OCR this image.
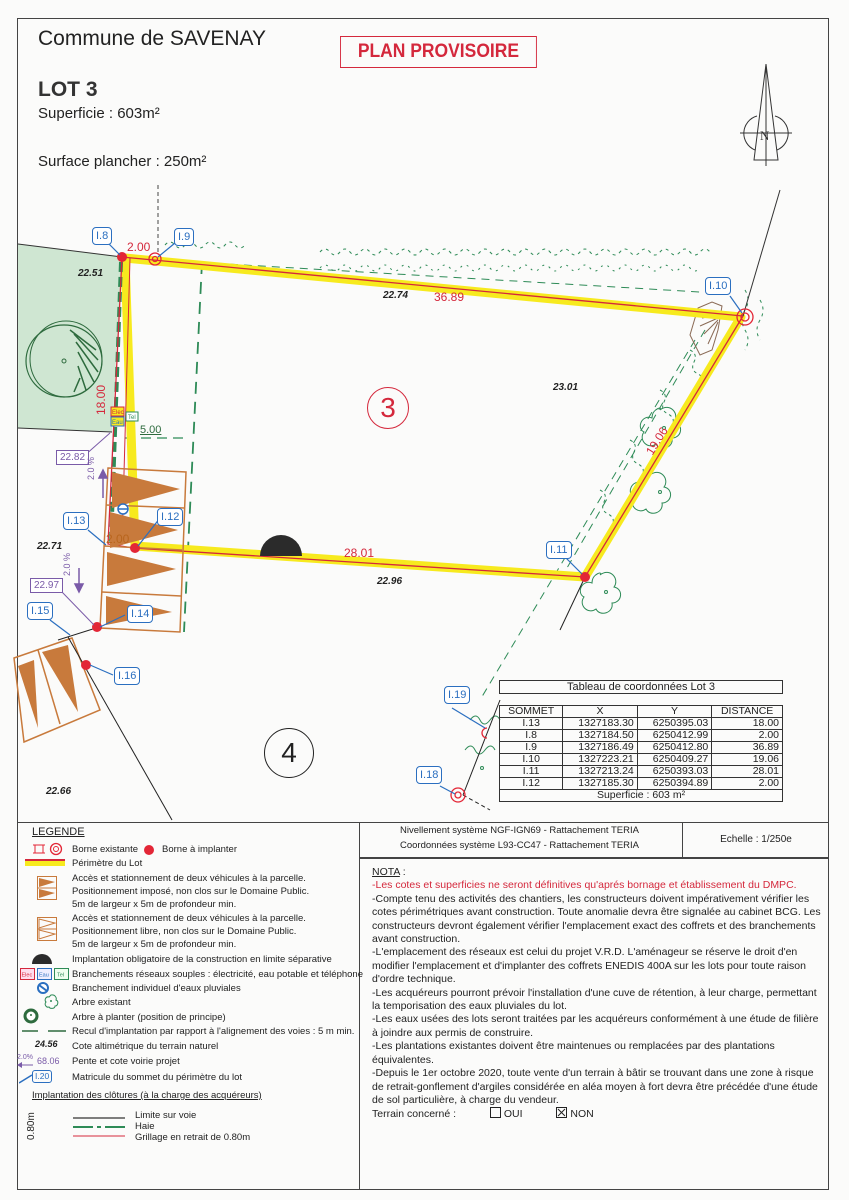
Commune de SAVENAY
PLAN PROVISOIRE
LOT 3
Superficie : 603m²
Surface plancher : 250m²
N
Elec
Eau
Tel	3
4
I.8	I.9
I.10
I.11
I.12
I.13
I.14
I.15
I.16
I.18
I.19
22.82
22.97
2.0 %
2.0 %
22.51
22.74
23.01
22.71
22.96
22.66
36.89
18.00
2.00
2.00
28.01
19.06
5.00
Tableau de coordonnées Lot 3
SOMMET	X	Y	DISTANCE
I.13	1327183.30	6250395.03	18.00
I.8	1327184.50	6250412.99	2.00
I.9	1327186.49	6250412.80	36.89
I.10	1327223.21	6250409.27	19.06
I.11	1327213.24	6250393.03	28.01
I.12	1327185.30	6250394.89	2.00
Superficie : 603 m²			
LEGENDE
Borne existante	Borne à implanter
Périmètre du Lot
Accès et stationnement de deux véhicules à la parcelle.
Positionnement imposé, non clos sur le Domaine Public.
5m de largeur x 5m de profondeur min.
Accès et stationnement de deux véhicules à la parcelle.
Positionnement libre, non clos sur le Domaine Public.
5m de largeur x 5m de profondeur min.
Implantation obligatoire de la construction en limite séparative
Elec Eau Tel Branchements réseaux souples : électricité, eau potable et téléphone
Branchement individuel d'eaux pluviales
Arbre existant
Arbre à planter (position de principe)
Recul d'implantation par rapport à l'alignement des voies : 5 m min.
24.56 Cote altimétrique du terrain naturel
2.0% 68.06 Pente et cote voirie projet
I.20	Matricule du sommet du périmètre du lot
Implantation des clôtures (à la charge des acquéreurs)
0.80m	Limite sur voie
Haie
Grillage en retrait de 0.80m
Nivellement système NGF-IGN69 - Rattachement TERIA
Coordonnées système L93-CC47 - Rattachement TERIA
Echelle : 1/250e
NOTA :
-Les cotes et superficies ne seront définitives qu'aprés bornage et établissement du DMPC.
-Compte tenu des activités des chantiers, les constructeurs doivent impérativement vérifier les cotes périmétriques avant construction. Toute anomalie devra être signalée au cabinet BCG. Les constructeurs devront également vérifier l'emplacement exact des coffrets et des branchements avant construction.
-L'emplacement des réseaux est celui du projet V.R.D. L'aménageur se réserve le droit d'en modifier l'emplacement et d'implanter des coffrets ENEDIS 400A sur les lots pour toute raison d'ordre technique.
-Les acquéreurs pourront prévoir l'installation d'une cuve de rétention, à leur charge, permettant la temporisation des eaux pluviales du lot.
-Les eaux usées des lots seront traitées par les acquéreurs conformément à une étude de filière à joindre aux permis de construire.
-Les plantations existantes doivent être maintenues ou remplacées par des plantations équivalentes.
-Depuis le 1er octobre 2020, toute vente d'un terrain à bâtir se trouvant dans une zone à risque de retrait-gonflement d'argiles considérée en aléa moyen à fort devra être précédée d'une étude de sol particulière, à charge du vendeur.
Terrain concerné :	OUI	NON
